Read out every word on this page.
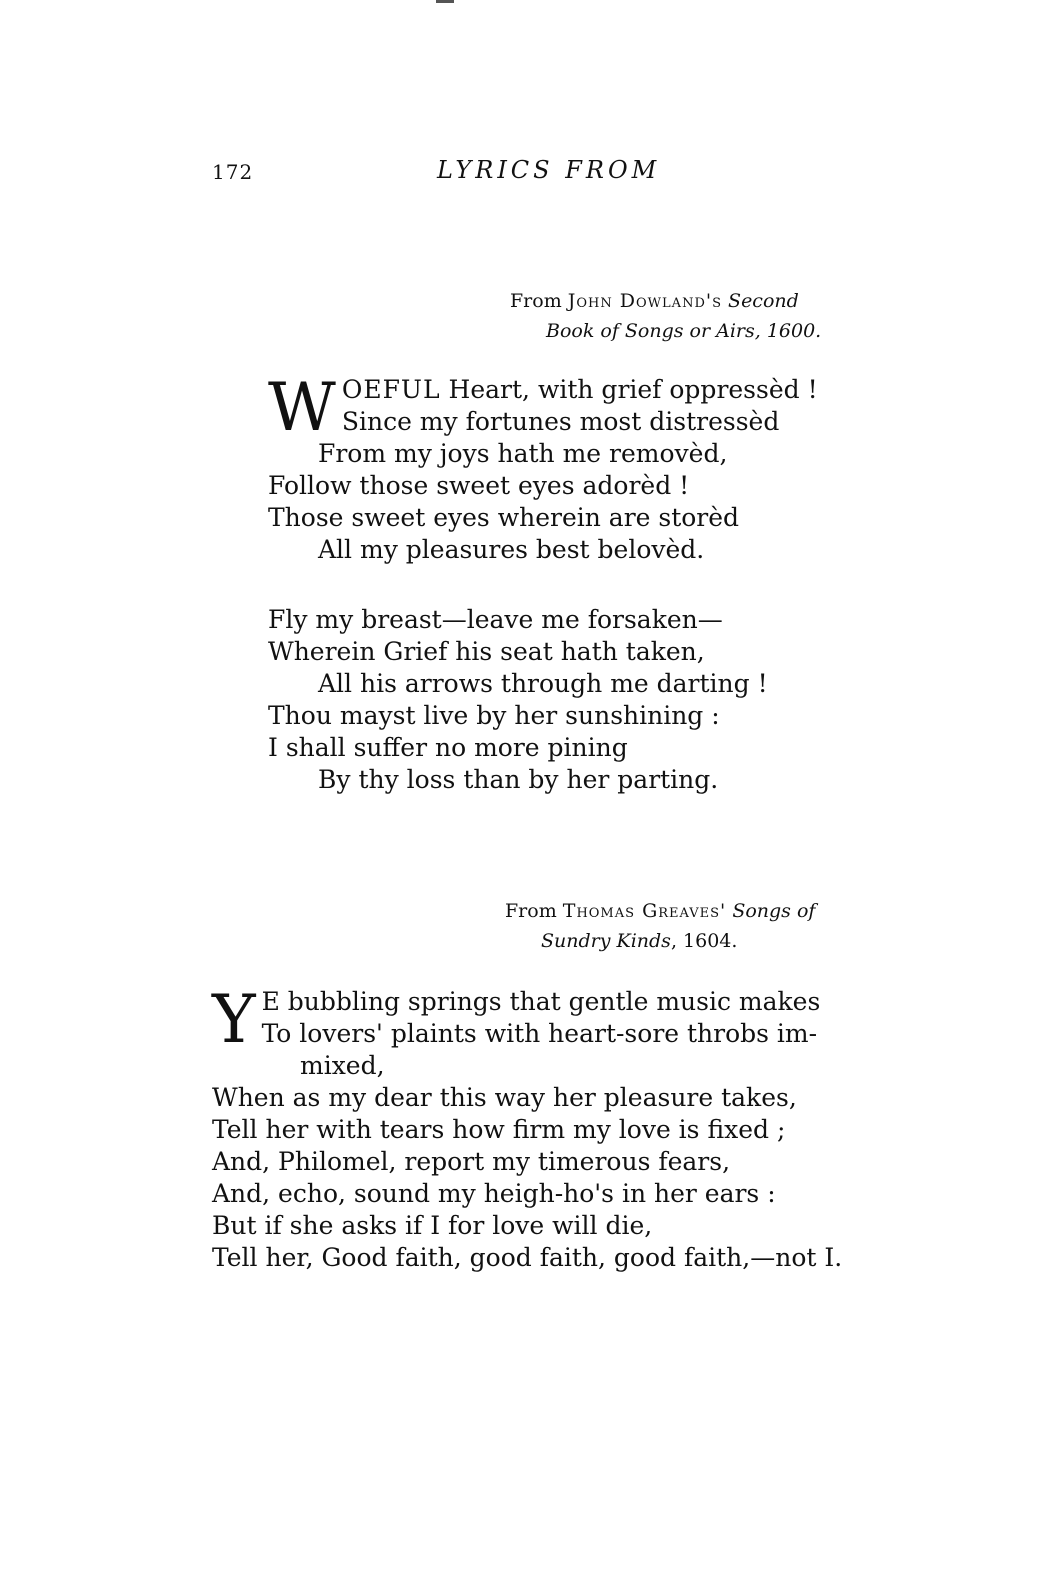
172	LYRICS FROM
From John Dowland's Second
Book of Songs or Airs, 1600.
W OEFUL Heart, with grief oppressèd !
Since my fortunes most distressèd
From my joys hath me removèd,
Follow those sweet eyes adorèd !
Those sweet eyes wherein are storèd
All my pleasures best belovèd.
Fly my breast—leave me forsaken—
Wherein Grief his seat hath taken,
All his arrows through me darting !
Thou mayst live by her sunshining :
I shall suffer no more pining
By thy loss than by her parting.
From Thomas Greaves' Songs of
Sundry Kinds, 1604.
Y E bubbling springs that gentle music makes
To lovers' plaints with heart-sore throbs im-
mixed,
When as my dear this way her pleasure takes,
Tell her with tears how firm my love is fixed ;
And, Philomel, report my timerous fears,
And, echo, sound my heigh-ho's in her ears :
But if she asks if I for love will die,
Tell her, Good faith, good faith, good faith,—not I.
